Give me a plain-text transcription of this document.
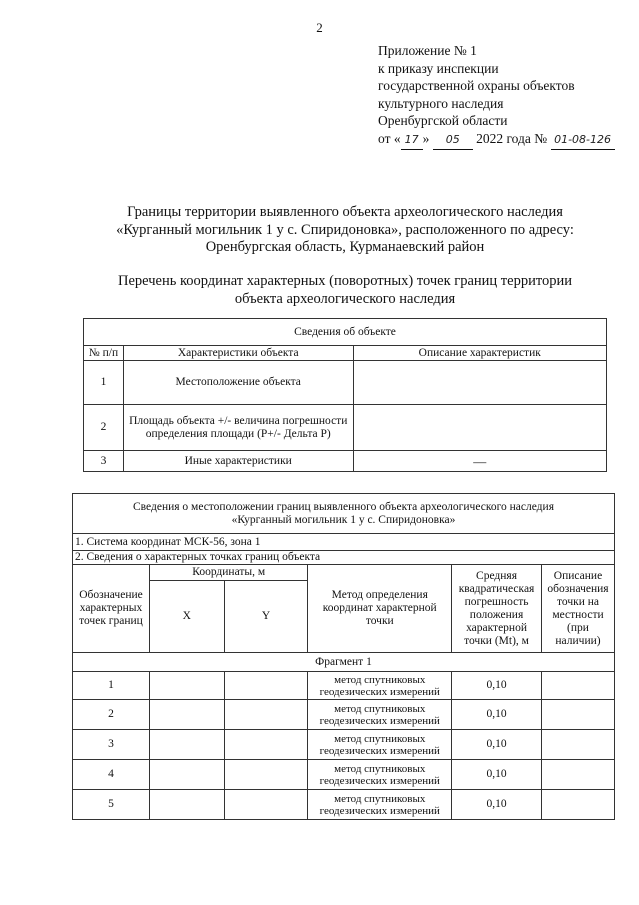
2
Приложение № 1
к приказу инспекции
государственной охраны объектов
культурного наследия
Оренбургской области
от « 17 » 05 2022 года № 01-08-126
Границы территории выявленного объекта археологического наследия
«Курганный могильник 1 у с. Спиридоновка», расположенного по адресу:
Оренбургская область, Курманаевский район
Перечень координат характерных (поворотных) точек границ территории
объекта археологического наследия
Сведения об объекте		
№ п/п	Характеристики объекта	Описание характеристик
1	Местоположение объекта	
2	Площадь объекта +/- величина погрешности определения площади (P+/- Дельта P)	
3	Иные характеристики	—
Сведения о местоположении границ выявленного объекта археологического наследия
«Курганный могильник 1 у с. Спиридоновка»					

1. Система координат МСК-56, зона 1					
2. Сведения о характерных точках границ объекта					
Обозначение характерных точек границ	Координаты, м		Метод определения координат характерной точки	Средняя квадратическая погрешность положения характерной точки (Mt), м	Описание обозначения точки на местности (при наличии)
	X	Y			
Фрагмент 1					
1			метод спутниковых геодезических измерений	0,10	
2			метод спутниковых геодезических измерений	0,10	
3			метод спутниковых геодезических измерений	0,10	
4			метод спутниковых геодезических измерений	0,10	
5			метод спутниковых геодезических измерений	0,10	
